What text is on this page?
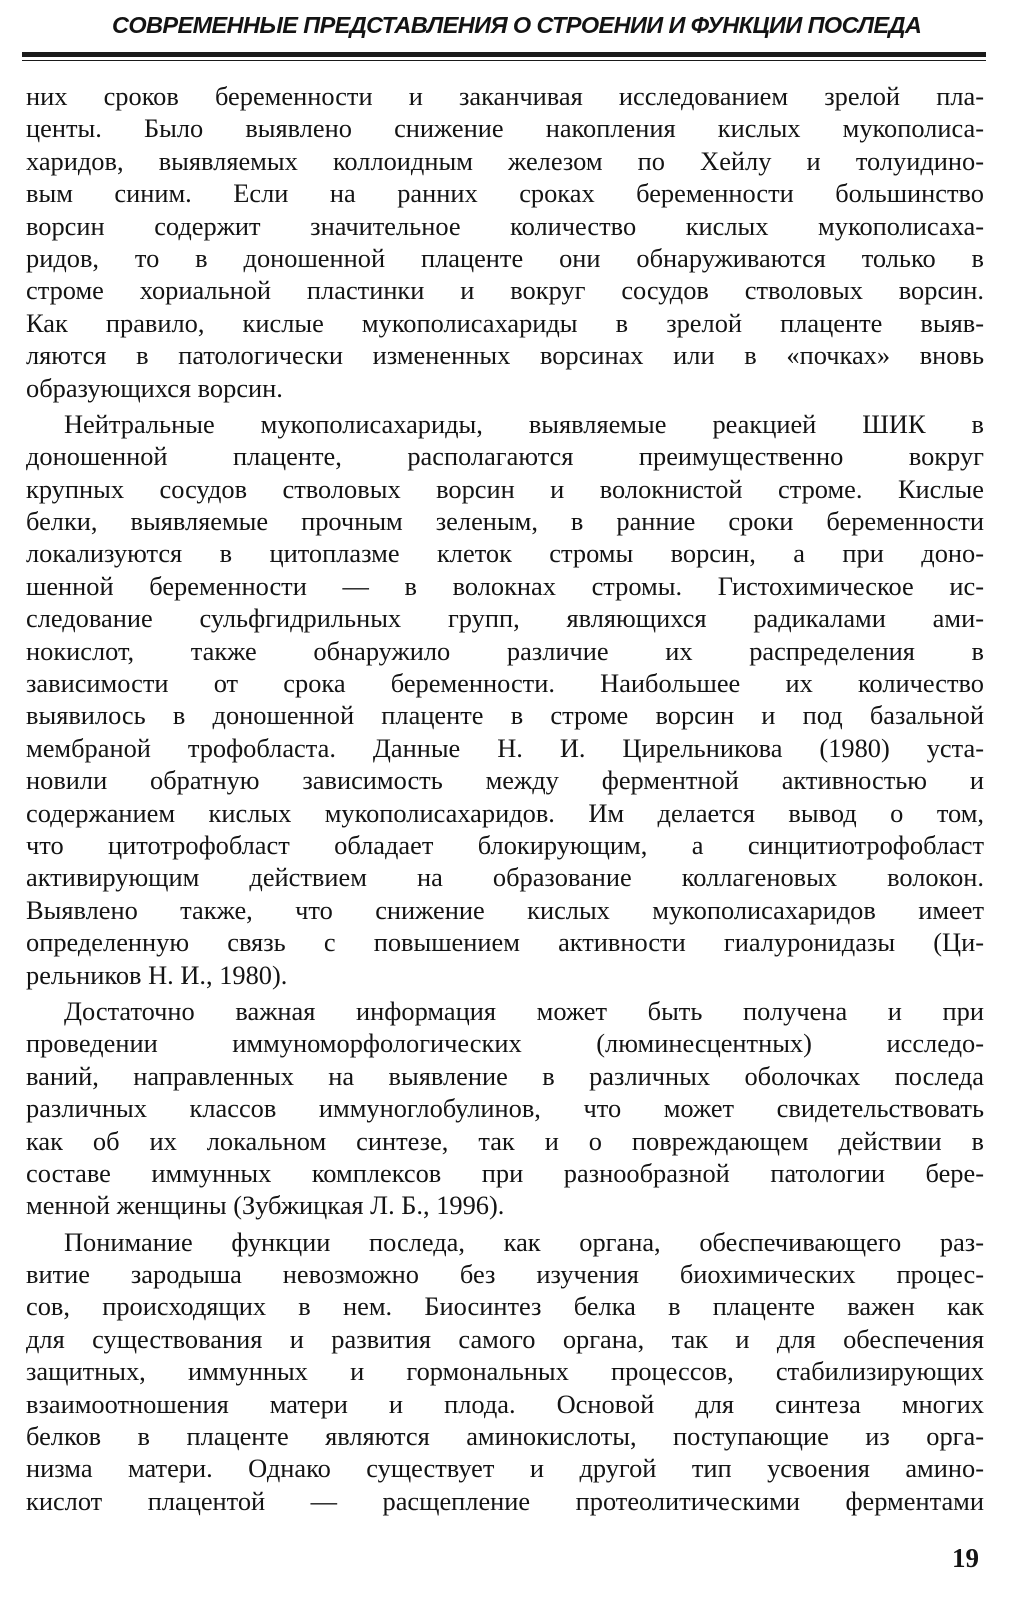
СОВРЕМЕННЫЕ ПРЕДСТАВЛЕНИЯ О СТРОЕНИИ И ФУНКЦИИ ПОСЛЕДА
них сроков беременности и заканчивая исследованием зрелой пла-
центы. Было выявлено снижение накопления кислых мукополиса-
харидов, выявляемых коллоидным железом по Хейлу и толуидино-
вым синим. Если на ранних сроках беременности большинство
ворсин содержит значительное количество кислых мукополисаха-
ридов, то в доношенной плаценте они обнаруживаются только в
строме хориальной пластинки и вокруг сосудов стволовых ворсин.
Как правило, кислые мукополисахариды в зрелой плаценте выяв-
ляются в патологически измененных ворсинах или в «почках» вновь
образующихся ворсин.
Нейтральные мукополисахариды, выявляемые реакцией ШИК в
доношенной плаценте, располагаются преимущественно вокруг
крупных сосудов стволовых ворсин и волокнистой строме. Кислые
белки, выявляемые прочным зеленым, в ранние сроки беременности
локализуются в цитоплазме клеток стромы ворсин, а при доно-
шенной беременности — в волокнах стромы. Гистохимическое ис-
следование сульфгидрильных групп, являющихся радикалами ами-
нокислот, также обнаружило различие их распределения в
зависимости от срока беременности. Наибольшее их количество
выявилось в доношенной плаценте в строме ворсин и под базальной
мембраной трофобласта. Данные Н. И. Цирельникова (1980) уста-
новили обратную зависимость между ферментной активностью и
содержанием кислых мукополисахаридов. Им делается вывод о том,
что цитотрофобласт обладает блокирующим, а синцитиотрофобласт
активирующим действием на образование коллагеновых волокон.
Выявлено также, что снижение кислых мукополисахаридов имеет
определенную связь с повышением активности гиалуронидазы (Ци-
рельников Н. И., 1980).
Достаточно важная информация может быть получена и при
проведении иммуноморфологических (люминесцентных) исследо-
ваний, направленных на выявление в различных оболочках последа
различных классов иммуноглобулинов, что может свидетельствовать
как об их локальном синтезе, так и о повреждающем действии в
составе иммунных комплексов при разнообразной патологии бере-
менной женщины (Зубжицкая Л. Б., 1996).
Понимание функции последа, как органа, обеспечивающего раз-
витие зародыша невозможно без изучения биохимических процес-
сов, происходящих в нем. Биосинтез белка в плаценте важен как
для существования и развития самого органа, так и для обеспечения
защитных, иммунных и гормональных процессов, стабилизирующих
взаимоотношения матери и плода. Основой для синтеза многих
белков в плаценте являются аминокислоты, поступающие из орга-
низма матери. Однако существует и другой тип усвоения амино-
кислот плацентой — расщепление протеолитическими ферментами
19
